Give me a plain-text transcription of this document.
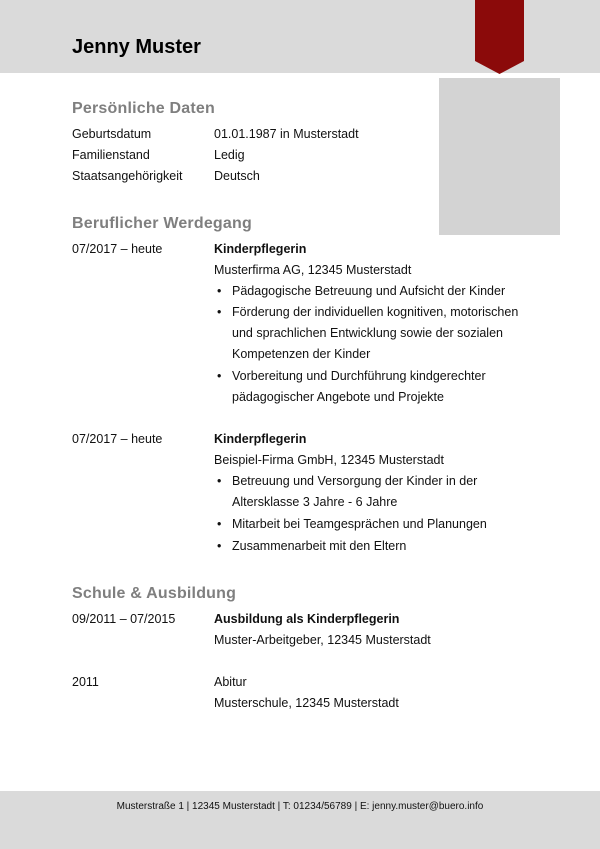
Jenny Muster
Persönliche Daten
Geburtsdatum	01.01.1987 in Musterstadt
Familienstand	Ledig
Staatsangehörigkeit	Deutsch
Beruflicher Werdegang
07/2017 – heute	Kinderpflegerin
Musterfirma AG, 12345 Musterstadt
• Pädagogische Betreuung und Aufsicht der Kinder
• Förderung der individuellen kognitiven, motorischen
und sprachlichen Entwicklung sowie der sozialen
Kompetenzen der Kinder
• Vorbereitung und Durchführung kindgerechter
pädagogischer Angebote und Projekte
07/2017 – heute	Kinderpflegerin
Beispiel-Firma GmbH, 12345 Musterstadt
• Betreuung und Versorgung der Kinder in der
Altersklasse 3 Jahre - 6 Jahre
• Mitarbeit bei Teamgesprächen und Planungen
• Zusammenarbeit mit den Eltern
Schule & Ausbildung
09/2011 – 07/2015	Ausbildung als Kinderpflegerin
Muster-Arbeitgeber, 12345 Musterstadt
2011	Abitur
Musterschule, 12345 Musterstadt
Musterstraße 1 | 12345 Musterstadt | T: 01234/56789 | E: jenny.muster@buero.info
